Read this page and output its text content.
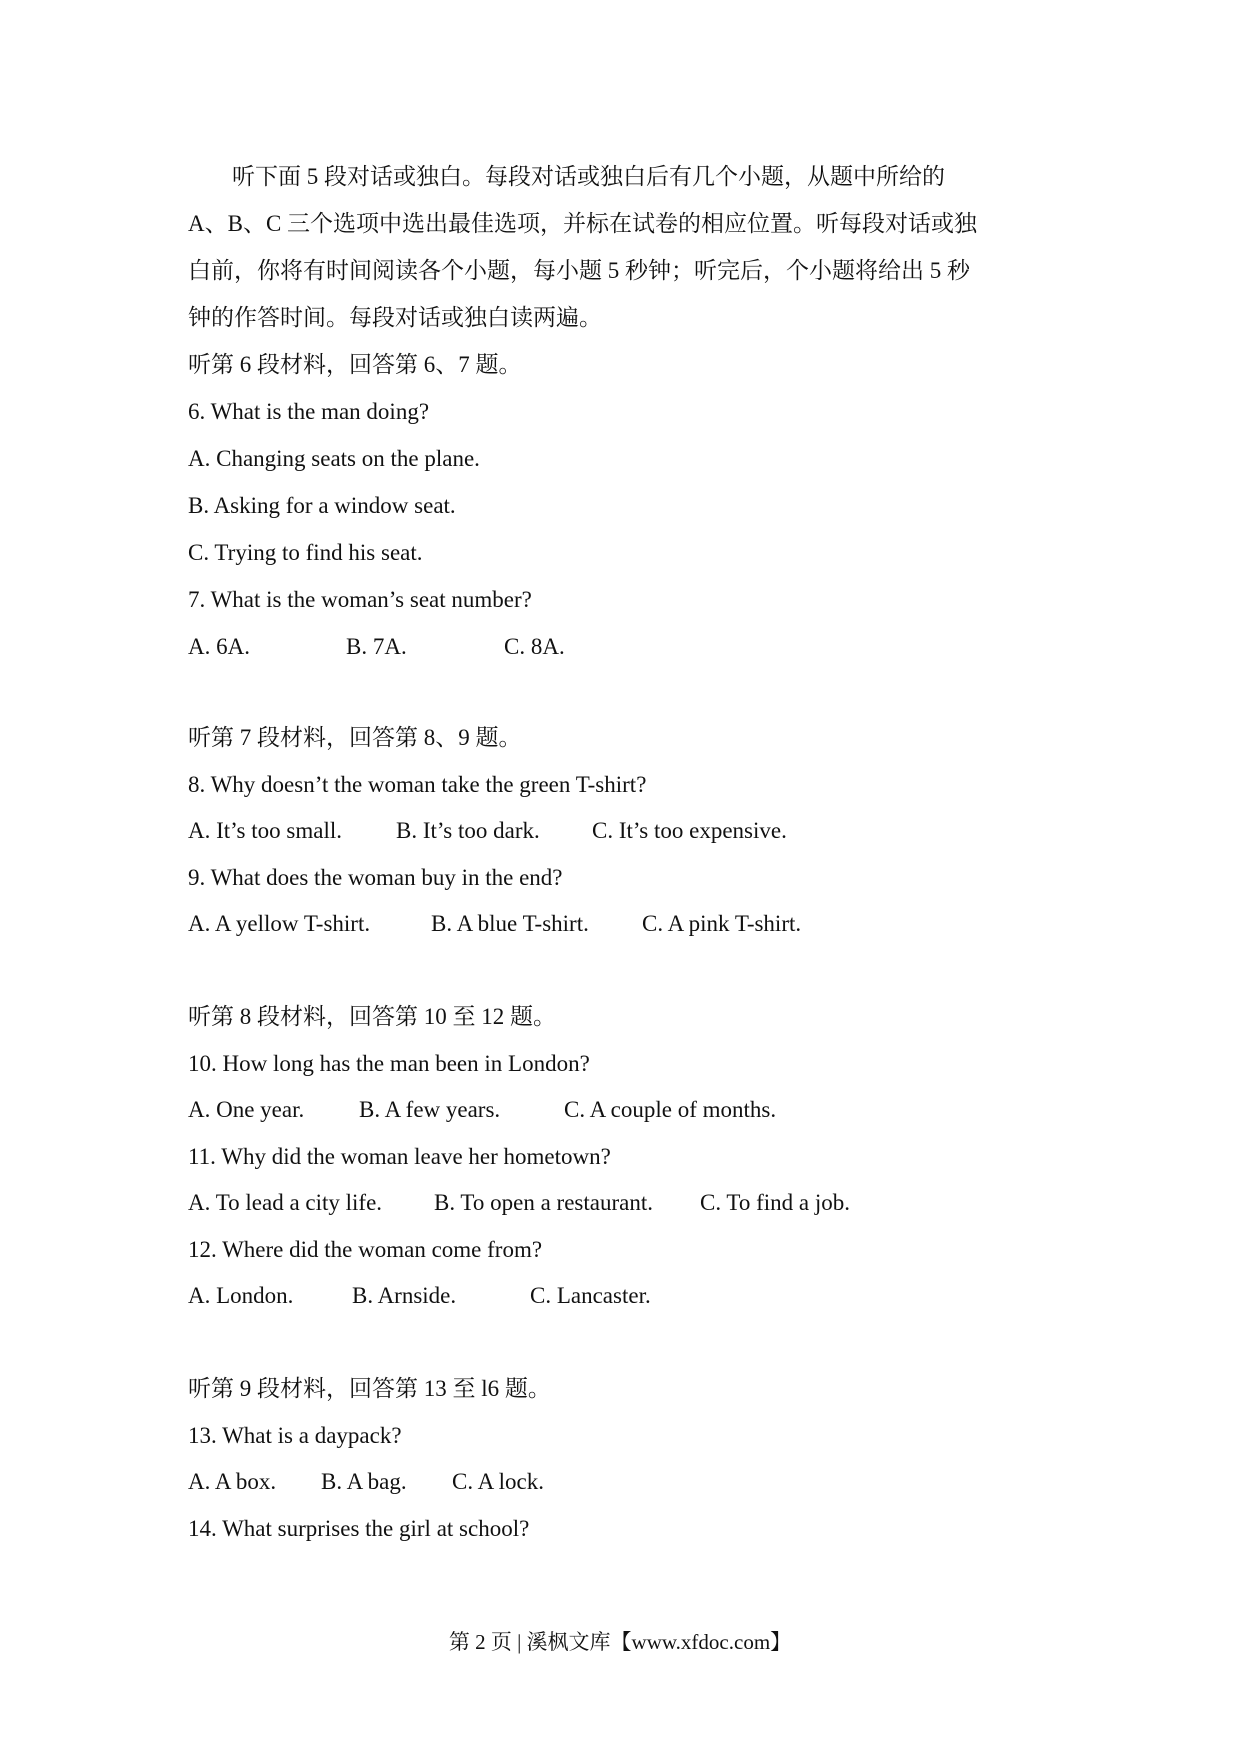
听下面 5 段对话或独白。每段对话或独白后有几个小题，从题中所给的
A、B、C 三个选项中选出最佳选项，并标在试卷的相应位置。听每段对话或独
白前，你将有时间阅读各个小题，每小题 5 秒钟；听完后，个小题将给出 5 秒
钟的作答时间。每段对话或独白读两遍。
听第 6 段材料，回答第 6、7 题。
6. What is the man doing?
A. Changing seats on the plane.
B. Asking for a window seat.
C. Trying to find his seat.
7. What is the woman’s seat number?
A. 6A.	B. 7A.	C. 8A.
听第 7 段材料，回答第 8、9 题。
8. Why doesn’t the woman take the green T-shirt?
A. It’s too small. B. It’s too dark. C. It’s too expensive.
9. What does the woman buy in the end?
A. A yellow T-shirt.	B. A blue T-shirt. C. A pink T-shirt.
听第 8 段材料，回答第 10 至 12 题。
10. How long has the man been in London?
A. One year. B. A few years.	C. A couple of months.
11. Why did the woman leave her hometown?
A. To lead a city life. B. To open a restaurant. C. To find a job.
12. Where did the woman come from?
A. London.	B. Arnside.	C. Lancaster.
听第 9 段材料，回答第 13 至 l6 题。
13. What is a daypack?
A. A box. B. A bag. C. A lock.
14. What surprises the girl at school?
第 2 页 | 溪枫文库【www.xfdoc.com】
